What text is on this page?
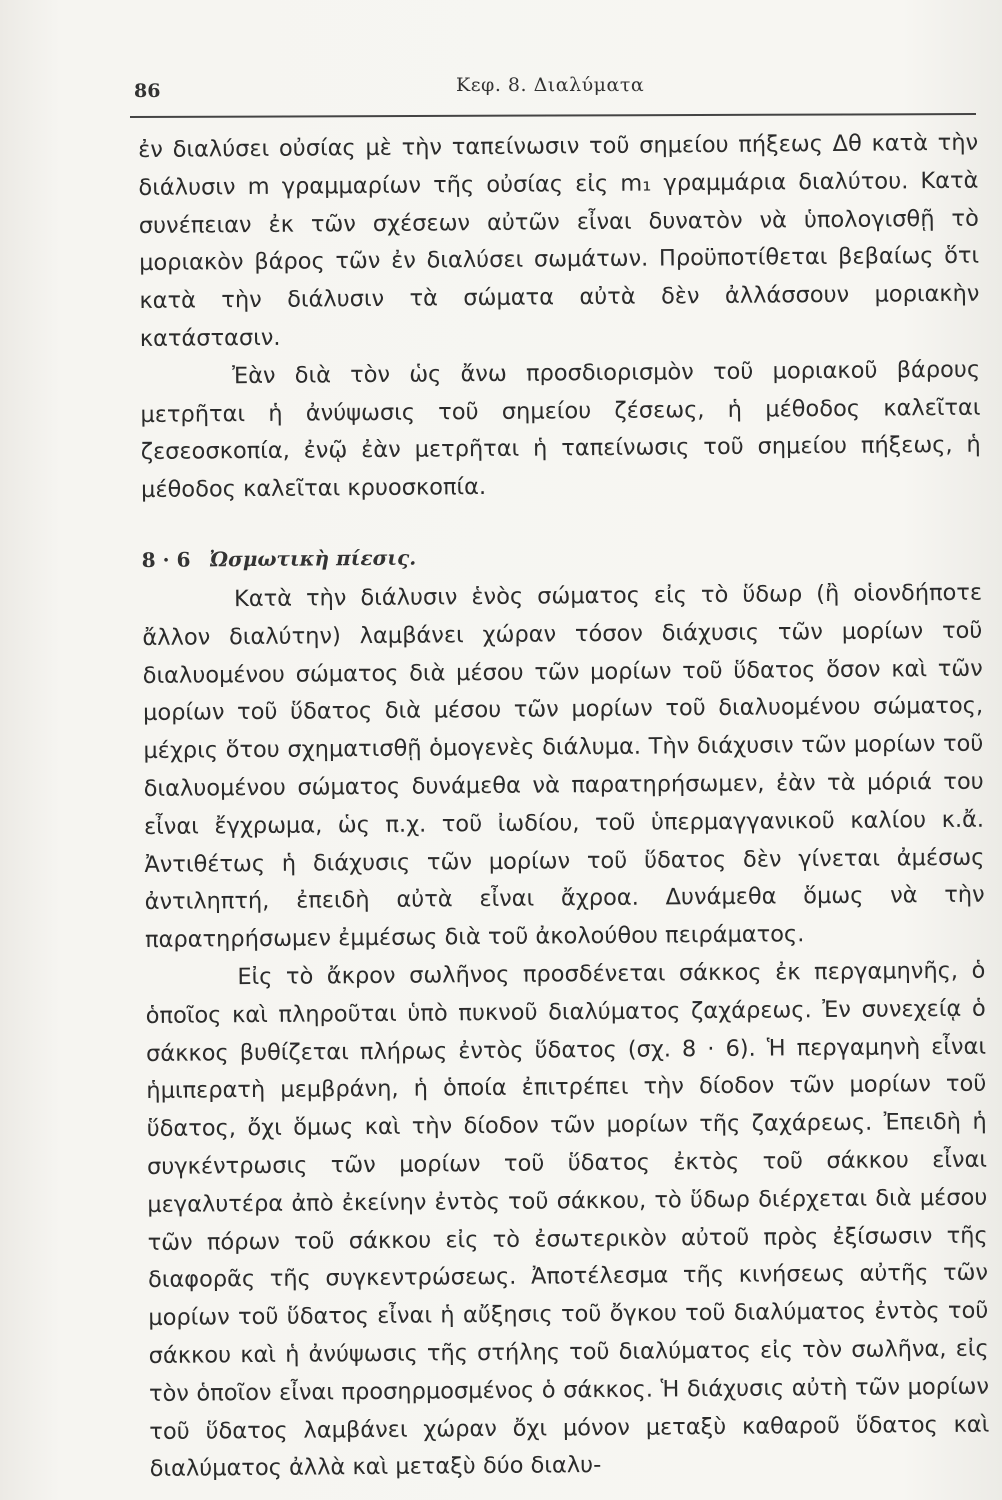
86	Κεφ. 8. Διαλύματα

ἐν διαλύσει οὐσίας μὲ τὴν ταπείνωσιν τοῦ σημείου πήξεως Δθ κατὰ τὴν διάλυσιν m γραμμαρίων τῆς οὐσίας εἰς m₁ γραμμάρια διαλύτου. Κατὰ συνέπειαν ἐκ τῶν σχέσεων αὐτῶν εἶναι δυνατὸν νὰ ὑπολογισθῇ τὸ μοριακὸν βάρος τῶν ἐν διαλύσει σωμάτων. Προϋποτίθεται βεβαίως ὅτι κατὰ τὴν διάλυσιν τὰ σώματα αὐτὰ δὲν ἀλλάσσουν μοριακὴν κατάστασιν.

Ἐὰν διὰ τὸν ὡς ἄνω προσδιορισμὸν τοῦ μοριακοῦ βάρους μετρῆται ἡ ἀνύψωσις τοῦ σημείου ζέσεως, ἡ μέθοδος καλεῖται ζεσεοσκοπία, ἐνῷ ἐὰν μετρῆται ἡ ταπείνωσις τοῦ σημείου πήξεως, ἡ μέθοδος καλεῖται κρυοσκοπία.

8 · 6 Ὠσμωτικὴ πίεσις.

Κατὰ τὴν διάλυσιν ἑνὸς σώματος εἰς τὸ ὕδωρ (ἢ οἱονδήποτε ἄλλον διαλύτην) λαμβάνει χώραν τόσον διάχυσις τῶν μορίων τοῦ διαλυομένου σώματος διὰ μέσου τῶν μορίων τοῦ ὕδατος ὅσον καὶ τῶν μορίων τοῦ ὕδατος διὰ μέσου τῶν μορίων τοῦ διαλυομένου σώματος, μέχρις ὅτου σχηματισθῇ ὁμογενὲς διάλυμα. Τὴν διάχυσιν τῶν μορίων τοῦ διαλυομένου σώματος δυνάμεθα νὰ παρατηρήσωμεν, ἐὰν τὰ μόριά του εἶναι ἔγχρωμα, ὡς π.χ. τοῦ ἰωδίου, τοῦ ὑπερμαγγανικοῦ καλίου κ.ἄ. Ἀντιθέτως ἡ διάχυσις τῶν μορίων τοῦ ὕδατος δὲν γίνεται ἀμέσως ἀντιληπτή, ἐπειδὴ αὐτὰ εἶναι ἄχροα. Δυνάμεθα ὅμως νὰ τὴν παρατηρήσωμεν ἐμμέσως διὰ τοῦ ἀκολούθου πειράματος.

Εἰς τὸ ἄκρον σωλῆνος προσδένεται σάκκος ἐκ περγαμηνῆς, ὁ ὁποῖος καὶ πληροῦται ὑπὸ πυκνοῦ διαλύματος ζαχάρεως. Ἐν συνεχείᾳ ὁ σάκκος βυθίζεται πλήρως ἐντὸς ὕδατος (σχ. 8 · 6). Ἡ περγαμηνὴ εἶναι ἡμιπερατὴ μεμβράνη, ἡ ὁποία ἐπιτρέπει τὴν δίοδον τῶν μορίων τοῦ ὕδατος, ὄχι ὅμως καὶ τὴν δίοδον τῶν μορίων τῆς ζαχάρεως. Ἐπειδὴ ἡ συγκέντρωσις τῶν μορίων τοῦ ὕδατος ἐκτὸς τοῦ σάκκου εἶναι μεγαλυτέρα ἀπὸ ἐκείνην ἐντὸς τοῦ σάκκου, τὸ ὕδωρ διέρχεται διὰ μέσου τῶν πόρων τοῦ σάκκου εἰς τὸ ἐσωτερικὸν αὐτοῦ πρὸς ἐξίσωσιν τῆς διαφορᾶς τῆς συγκεντρώσεως. Ἀποτέλεσμα τῆς κινήσεως αὐτῆς τῶν μορίων τοῦ ὕδατος εἶναι ἡ αὔξησις τοῦ ὄγκου τοῦ διαλύματος ἐντὸς τοῦ σάκκου καὶ ἡ ἀνύψωσις τῆς στήλης τοῦ διαλύματος εἰς τὸν σωλῆνα, εἰς τὸν ὁποῖον εἶναι προσηρμοσμένος ὁ σάκκος. Ἡ διάχυσις αὐτὴ τῶν μορίων τοῦ ὕδατος λαμβάνει χώραν ὄχι μόνον μεταξὺ καθαροῦ ὕδατος καὶ διαλύματος ἀλλὰ καὶ μεταξὺ δύο διαλυ-
